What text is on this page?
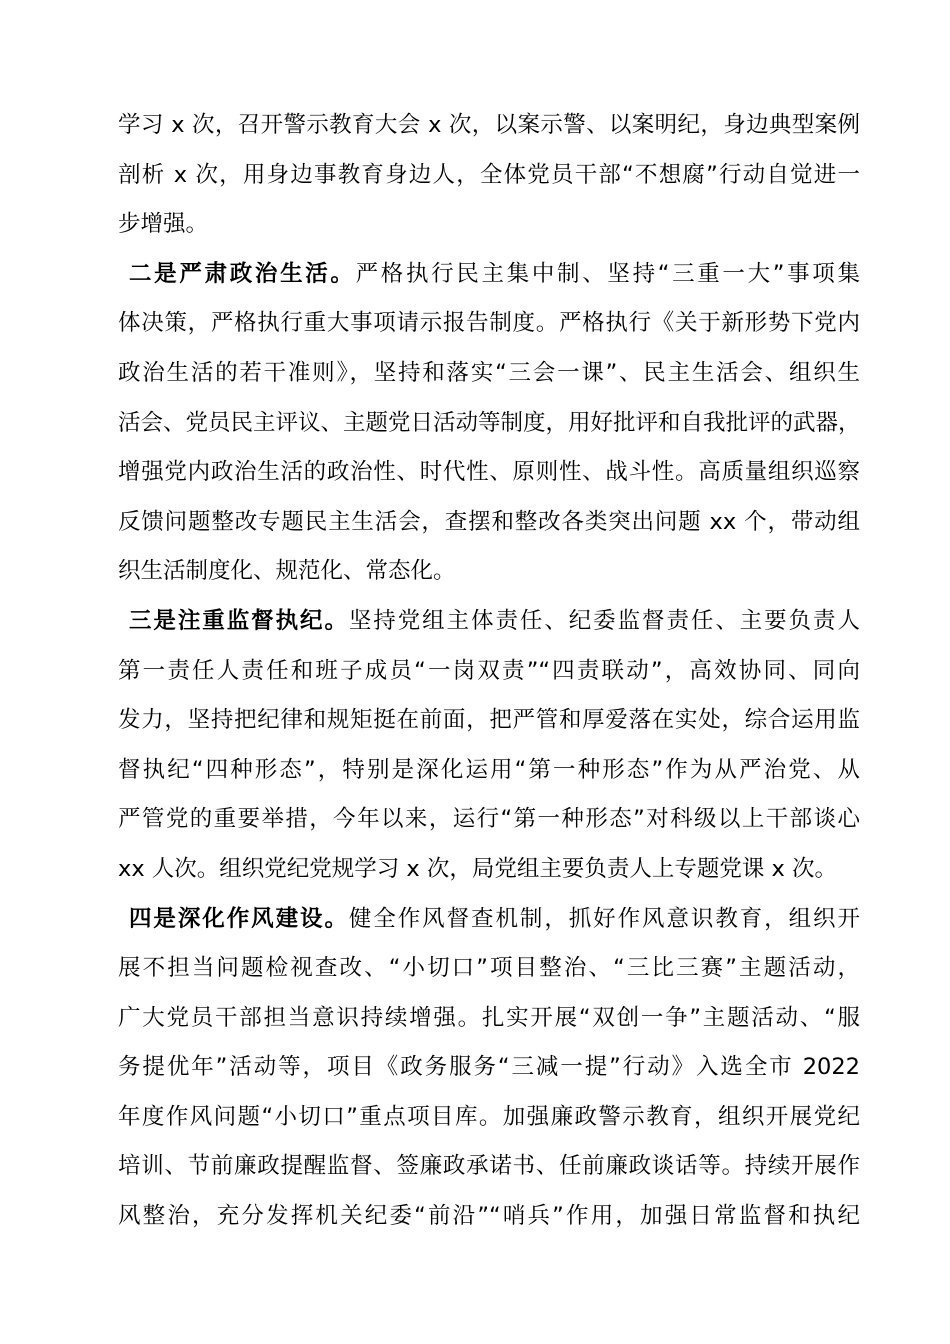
学习 x 次，召开警示教育大会 x 次，以案示警、以案明纪，身边典型案例
剖析 x 次，用身边事教育身边人，全体党员干部“不想腐”行动自觉进一
步增强。
二是严肃政治生活。严格执行民主集中制、坚持“三重一大”事项集
体决策，严格执行重大事项请示报告制度。严格执行《关于新形势下党内
政治生活的若干准则》，坚持和落实“三会一课”、民主生活会、组织生
活会、党员民主评议、主题党日活动等制度，用好批评和自我批评的武器，
增强党内政治生活的政治性、时代性、原则性、战斗性。高质量组织巡察
反馈问题整改专题民主生活会，查摆和整改各类突出问题 xx 个，带动组
织生活制度化、规范化、常态化。
三是注重监督执纪。坚持党组主体责任、纪委监督责任、主要负责人
第一责任人责任和班子成员“一岗双责”“四责联动”，高效协同、同向
发力，坚持把纪律和规矩挺在前面，把严管和厚爱落在实处，综合运用监
督执纪“四种形态”，特别是深化运用“第一种形态”作为从严治党、从
严管党的重要举措，今年以来，运行“第一种形态”对科级以上干部谈心
xx 人次。组织党纪党规学习 x 次，局党组主要负责人上专题党课 x 次。
四是深化作风建设。健全作风督查机制，抓好作风意识教育，组织开
展不担当问题检视查改、“小切口”项目整治、“三比三赛”主题活动，
广大党员干部担当意识持续增强。扎实开展“双创一争”主题活动、“服
务提优年”活动等，项目《政务服务“三减一提”行动》入选全市 2022
年度作风问题“小切口”重点项目库。加强廉政警示教育，组织开展党纪
培训、节前廉政提醒监督、签廉政承诺书、任前廉政谈话等。持续开展作
风整治，充分发挥机关纪委“前沿”“哨兵”作用，加强日常监督和执纪
